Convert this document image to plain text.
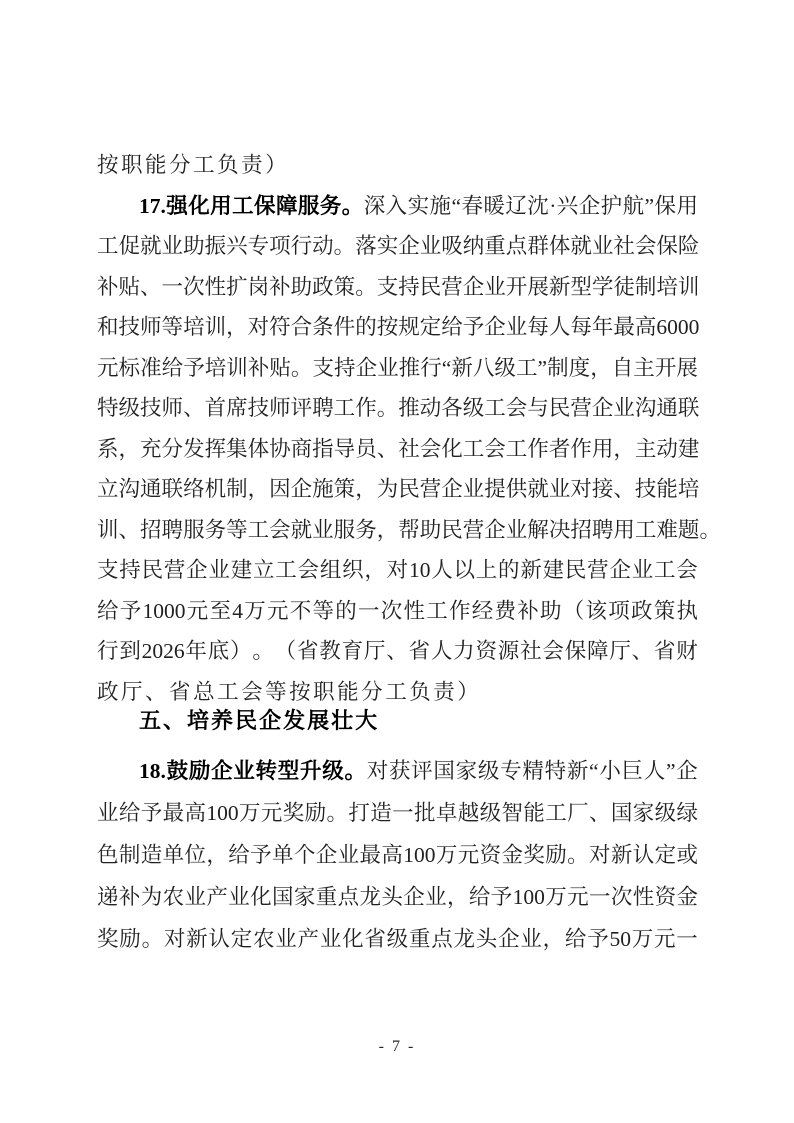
按 职 能 分 工 负 责 ）
17. 强 化 用 工 保 障 服 务 。 深 入 实 施 “ 春 暖 辽 沈 · 兴 企 护 航 ” 保 用
工 促 就 业 助 振 兴 专 项 行 动 。 落 实 企 业 吸 纳 重 点 群 体 就 业 社 会 保 险
补 贴 、 一 次 性 扩 岗 补 助 政 策 。 支 持 民 营 企 业 开 展 新 型 学 徒 制 培 训
和 技 师 等 培 训 ， 对 符 合 条 件 的 按 规 定 给 予 企 业 每 人 每 年 最 高 6000
元 标 准 给 予 培 训 补 贴 。 支 持 企 业 推 行 “ 新 八 级 工 ” 制 度 ， 自 主 开 展
特 级 技 师 、 首 席 技 师 评 聘 工 作 。 推 动 各 级 工 会 与 民 营 企 业 沟 通 联
系 ， 充 分 发 挥 集 体 协 商 指 导 员 、 社 会 化 工 会 工 作 者 作 用 ， 主 动 建
立 沟 通 联 络 机 制 ， 因 企 施 策 ， 为 民 营 企 业 提 供 就 业 对 接 、 技 能 培
训 、 招 聘 服 务 等 工 会 就 业 服 务 ， 帮 助 民 营 企 业 解 决 招 聘 用 工 难 题 。
支 持 民 营 企 业 建 立 工 会 组 织 ， 对 10 人 以 上 的 新 建 民 营 企 业 工 会
给 予 1000 元 至 4 万 元 不 等 的 一 次 性 工 作 经 费 补 助 （ 该 项 政 策 执
行 到 2026 年 底 ） 。 （ 省 教 育 厅 、 省 人 力 资 源 社 会 保 障 厅 、 省 财
政 厅 、 省 总 工 会 等 按 职 能 分 工 负 责 ）
五 、 培 养 民 企 发 展 壮 大
18. 鼓 励 企 业 转 型 升 级 。 对 获 评 国 家 级 专 精 特 新 “ 小 巨 人 ” 企
业 给 予 最 高 100 万 元 奖 励 。 打 造 一 批 卓 越 级 智 能 工 厂 、 国 家 级 绿
色 制 造 单 位 ， 给 予 单 个 企 业 最 高 100 万 元 资 金 奖 励 。 对 新 认 定 或
递 补 为 农 业 产 业 化 国 家 重 点 龙 头 企 业 ， 给 予 100 万 元 一 次 性 资 金
奖 励 。 对 新 认 定 农 业 产 业 化 省 级 重 点 龙 头 企 业 ， 给 予 50 万 元 一
- 7 -
